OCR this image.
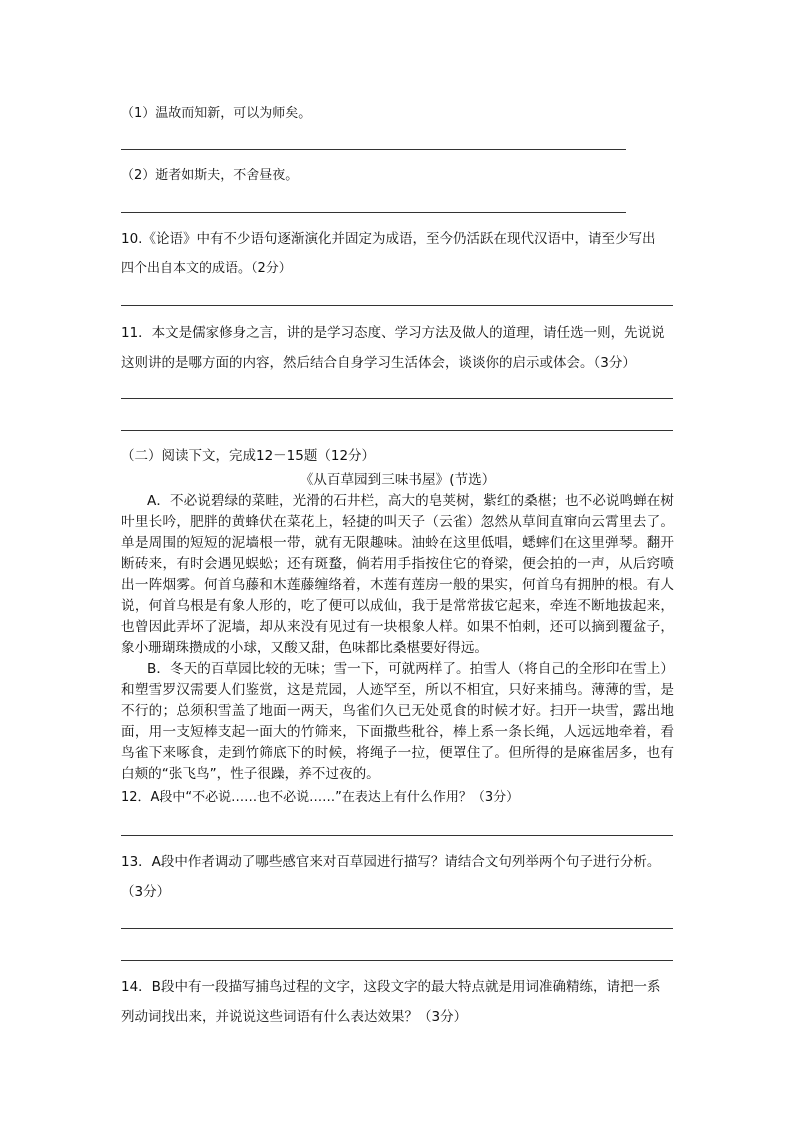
（1）温故而知新，可以为师矣。
（2）逝者如斯夫，不舍昼夜。
10.《论语》中有不少语句逐渐演化并固定为成语，至今仍活跃在现代汉语中，请至少写出
四个出自本文的成语。（2分）
11．本文是儒家修身之言，讲的是学习态度、学习方法及做人的道理，请任选一则，先说说
这则讲的是哪方面的内容，然后结合自身学习生活体会，谈谈你的启示或体会。（3分）
（二）阅读下文，完成12－15题（12分）
《从百草园到三味书屋》(节选）
A．不必说碧绿的菜畦，光滑的石井栏，高大的皂荚树，紫红的桑椹；也不必说鸣蝉在树叶里长吟，肥胖的黄蜂伏在菜花上，轻捷的叫天子（云雀）忽然从草间直窜向云霄里去了。单是周围的短短的泥墙根一带，就有无限趣味。油蛉在这里低唱，蟋蟀们在这里弹琴。翻开断砖来，有时会遇见蜈蚣；还有斑蝥，倘若用手指按住它的脊梁，便会拍的一声，从后窍喷出一阵烟雾。何首乌藤和木莲藤缠络着，木莲有莲房一般的果实，何首乌有拥肿的根。有人说，何首乌根是有象人形的，吃了便可以成仙，我于是常常拔它起来，牵连不断地拔起来，也曾因此弄坏了泥墙，却从来没有见过有一块根象人样。如果不怕刺，还可以摘到覆盆子，象小珊瑚珠攒成的小球，又酸又甜，色味都比桑椹要好得远。
B．冬天的百草园比较的无味；雪一下，可就两样了。拍雪人（将自己的全形印在雪上）和塑雪罗汉需要人们鉴赏，这是荒园，人迹罕至，所以不相宜，只好来捕鸟。薄薄的雪，是不行的；总须积雪盖了地面一两天，鸟雀们久已无处觅食的时候才好。扫开一块雪，露出地面，用一支短棒支起一面大的竹筛来，下面撒些秕谷，棒上系一条长绳，人远远地牵着，看鸟雀下来啄食，走到竹筛底下的时候，将绳子一拉，便罩住了。但所得的是麻雀居多，也有白颊的“张飞鸟”，性子很躁，养不过夜的。
12．A段中“不必说……也不必说……”在表达上有什么作用？（3分）
13．A段中作者调动了哪些感官来对百草园进行描写？请结合文句列举两个句子进行分析。
（3分）
14．B段中有一段描写捕鸟过程的文字，这段文字的最大特点就是用词准确精练，请把一系
列动词找出来，并说说这些词语有什么表达效果？（3分）
